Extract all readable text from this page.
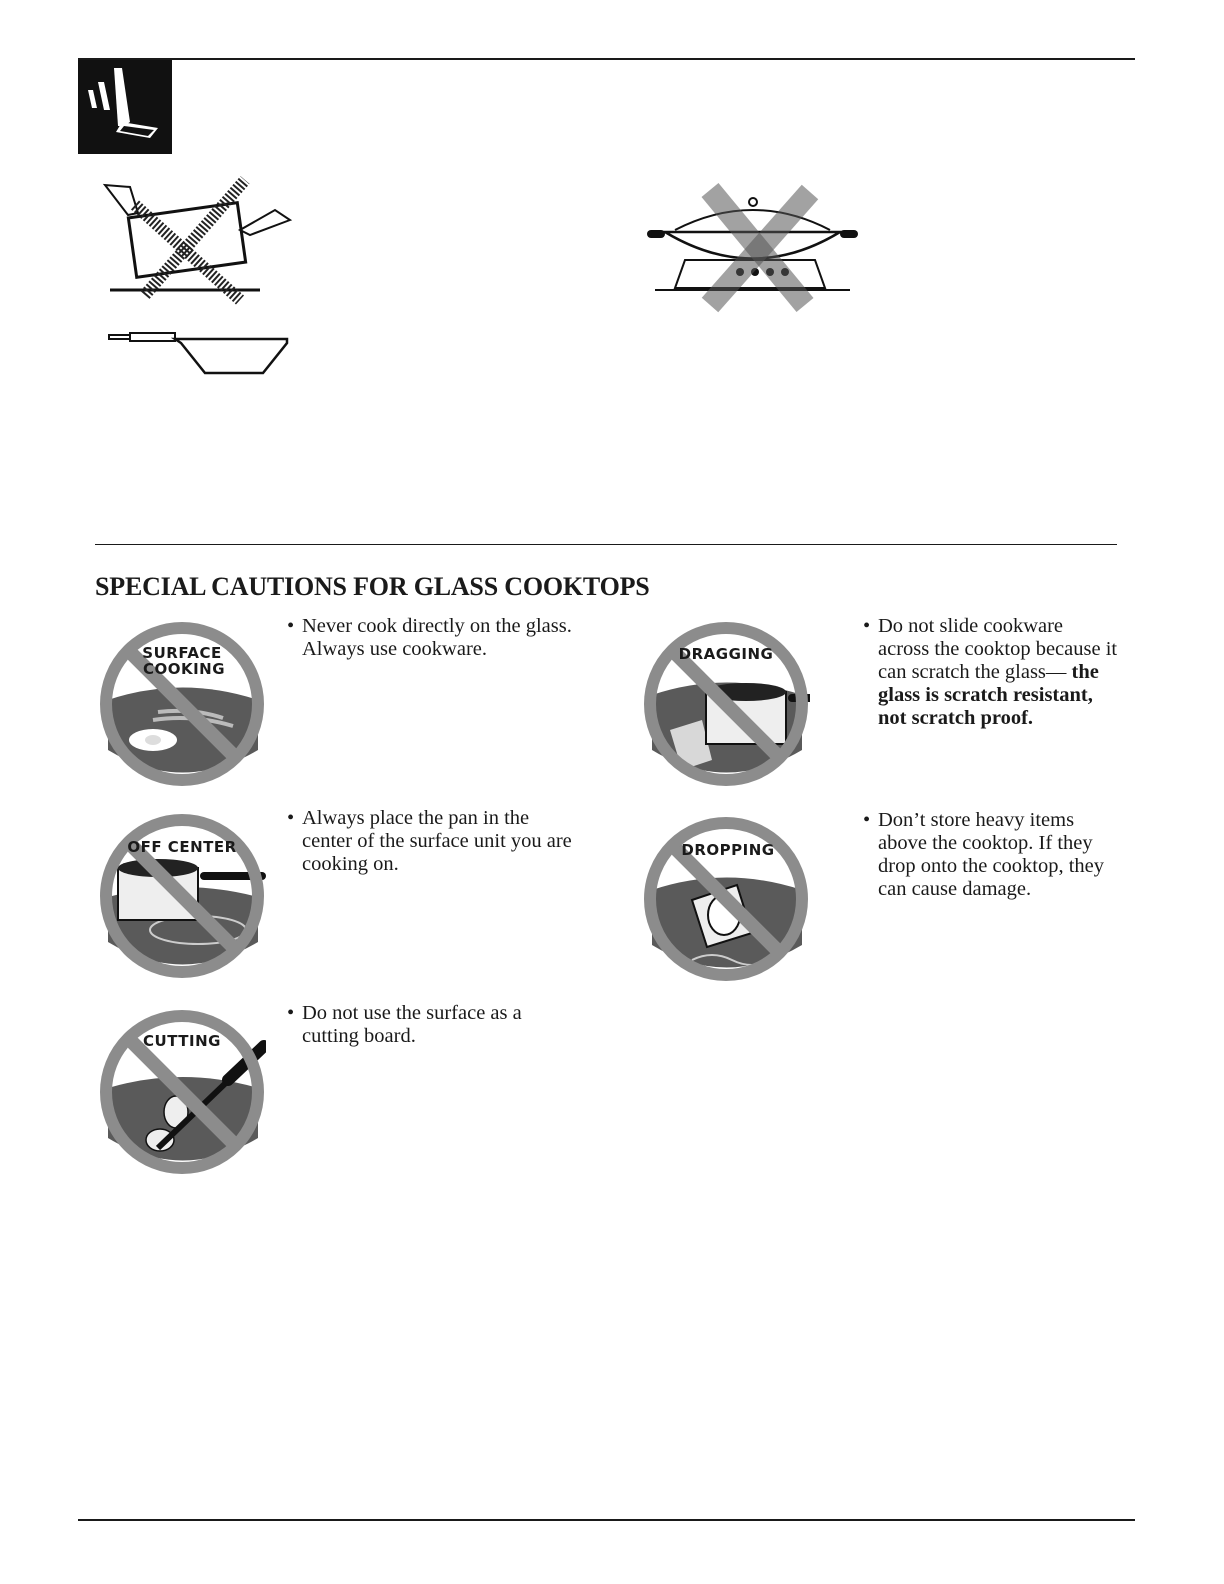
SPECIAL CAUTIONS FOR GLASS COOKTOPS
SURFACE
COOKING
• Never cook directly on the glass. Always use cookware.	DRAGGING
• Do not slide cookware across the cooktop because it can scratch the glass— the glass is scratch resistant, not scratch proof.
OFF CENTER
• Always place the pan in the center of the surface unit you are cooking on.
DROPPING
• Don’t store heavy items above the cooktop. If they drop onto the cooktop, they can cause damage.
CUTTING
• Do not use the surface as a cutting board.
